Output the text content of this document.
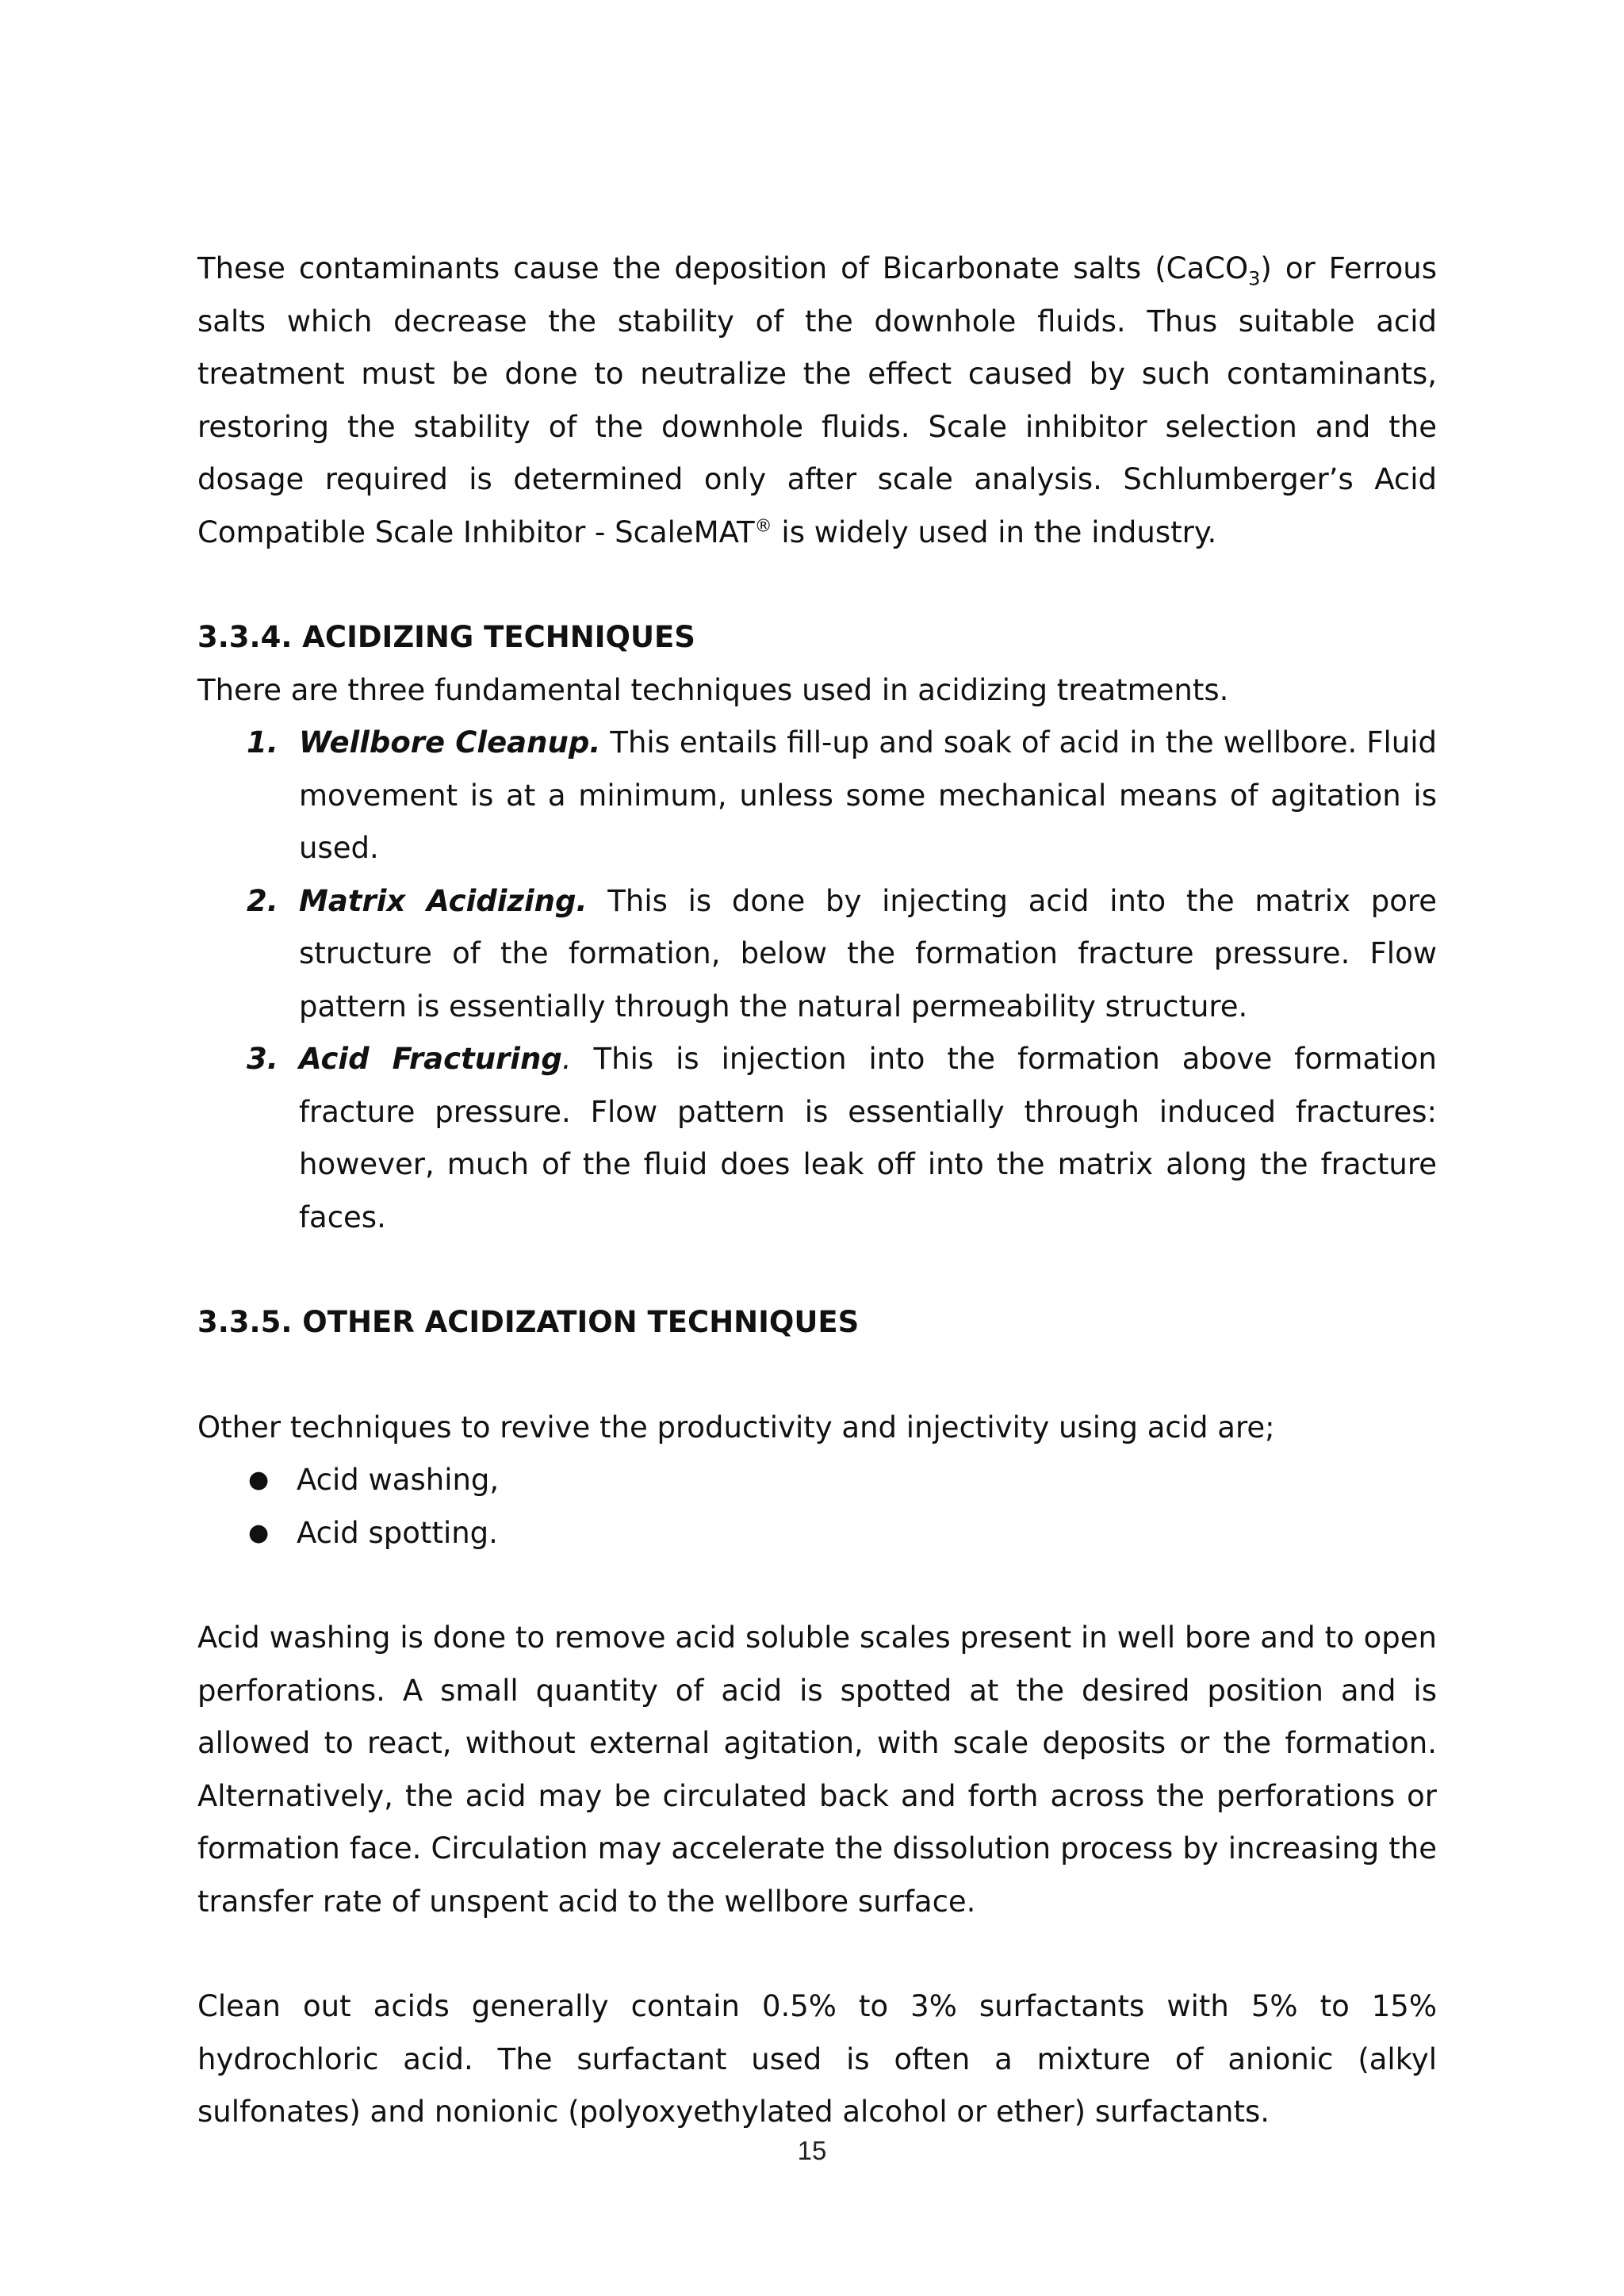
These contaminants cause the deposition of Bicarbonate salts (CaCO$_3$) or Ferrous salts which decrease the stability of the downhole fluids. Thus suitable acid treatment must be done to neutralize the effect caused by such contaminants, restoring the stability of the downhole fluids. Scale inhibitor selection and the dosage required is determined only after scale analysis. Schlumberger’s Acid Compatible Scale Inhibitor - ScaleMAT® is widely used in the industry.

3.3.4. ACIDIZING TECHNIQUES

There are three fundamental techniques used in acidizing treatments.

1. Wellbore Cleanup. This entails fill-up and soak of acid in the wellbore. Fluid movement is at a minimum, unless some mechanical means of agitation is used.
2. Matrix Acidizing. This is done by injecting acid into the matrix pore structure of the formation, below the formation fracture pressure. Flow pattern is essentially through the natural permeability structure.
3. Acid Fracturing. This is injection into the formation above formation fracture pressure. Flow pattern is essentially through induced fractures: however, much of the fluid does leak off into the matrix along the fracture faces.

3.3.5. OTHER ACIDIZATION TECHNIQUES

Other techniques to revive the productivity and injectivity using acid are;

● Acid washing,
● Acid spotting.

Acid washing is done to remove acid soluble scales present in well bore and to open perforations. A small quantity of acid is spotted at the desired position and is allowed to react, without external agitation, with scale deposits or the formation. Alternatively, the acid may be circulated back and forth across the perforations or formation face. Circulation may accelerate the dissolution process by increasing the transfer rate of unspent acid to the wellbore surface.

Clean out acids generally contain 0.5% to 3% surfactants with 5% to 15% hydrochloric acid. The surfactant used is often a mixture of anionic (alkyl sulfonates) and nonionic (polyoxyethylated alcohol or ether) surfactants.

15
